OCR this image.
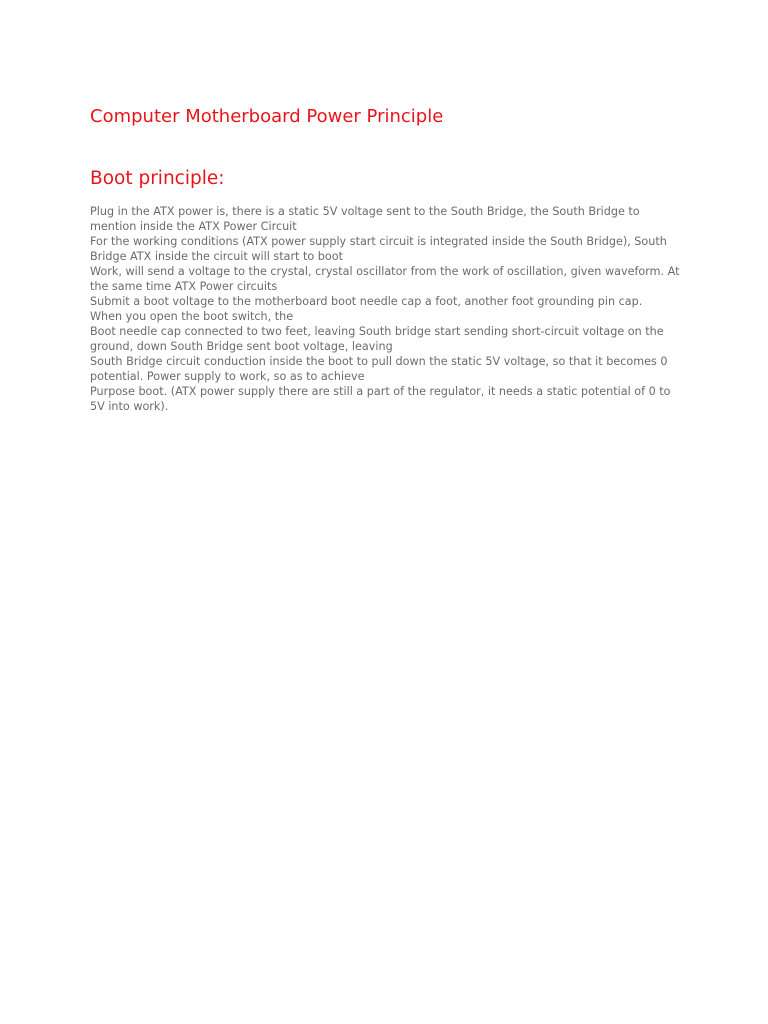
Computer Motherboard Power Principle
Boot principle:

Plug in the ATX power is, there is a static 5V voltage sent to the South Bridge, the South Bridge to mention inside the ATX Power Circuit

For the working conditions (ATX power supply start circuit is integrated inside the South Bridge), South Bridge ATX inside the circuit will start to boot

Work, will send a voltage to the crystal, crystal oscillator from the work of oscillation, given waveform. At the same time ATX Power circuits

Submit a boot voltage to the motherboard boot needle cap a foot, another foot grounding pin cap.

When you open the boot switch, the

Boot needle cap connected to two feet, leaving South bridge start sending short-circuit voltage on the ground, down South Bridge sent boot voltage, leaving

South Bridge circuit conduction inside the boot to pull down the static 5V voltage, so that it becomes 0 potential. Power supply to work, so as to achieve

Purpose boot. (ATX power supply there are still a part of the regulator, it needs a static potential of 0 to 5V into work).
